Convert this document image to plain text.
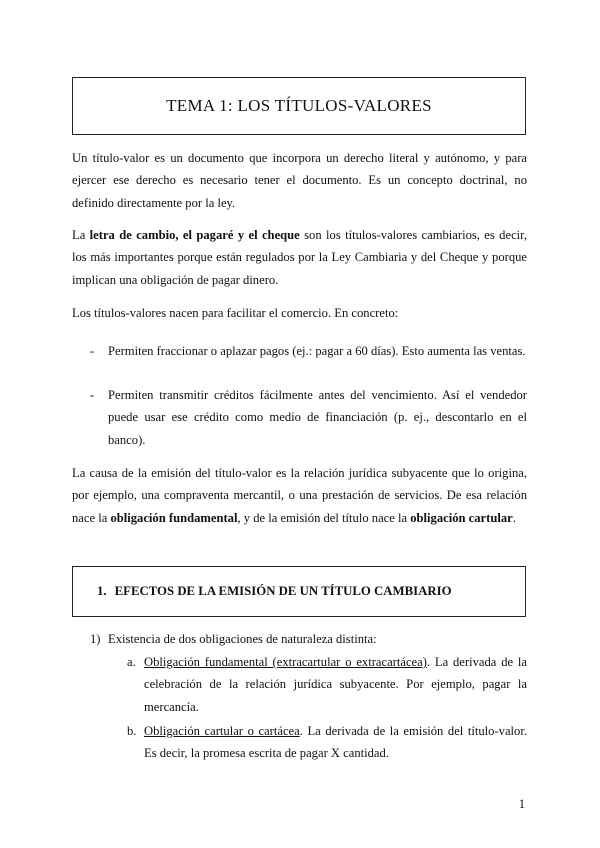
TEMA 1: LOS TÍTULOS-VALORES

Un título-valor es un documento que incorpora un derecho literal y autónomo, y para ejercer ese derecho es necesario tener el documento. Es un concepto doctrinal, no definido directamente por la ley.

La letra de cambio, el pagaré y el cheque son los títulos-valores cambiarios, es decir, los más importantes porque están regulados por la Ley Cambiaria y del Cheque y porque implican una obligación de pagar dinero.

Los títulos-valores nacen para facilitar el comercio. En concreto:

- Permiten fraccionar o aplazar pagos (ej.: pagar a 60 días). Esto aumenta las ventas.

- Permiten transmitir créditos fácilmente antes del vencimiento. Así el vendedor puede usar ese crédito como medio de financiación (p. ej., descontarlo en el banco).

La causa de la emisión del título-valor es la relación jurídica subyacente que lo origina, por ejemplo, una compraventa mercantil, o una prestación de servicios. De esa relación nace la obligación fundamental, y de la emisión del título nace la obligación cartular.

1. EFECTOS DE LA EMISIÓN DE UN TÍTULO CAMBIARIO
1) Existencia de dos obligaciones de naturaleza distinta:

a. Obligación fundamental (extracartular o extracartácea). La derivada de la celebración de la relación jurídica subyacente. Por ejemplo, pagar la mercancía.

b. Obligación cartular o cartácea. La derivada de la emisión del título-valor. Es decir, la promesa escrita de pagar X cantidad.

1
